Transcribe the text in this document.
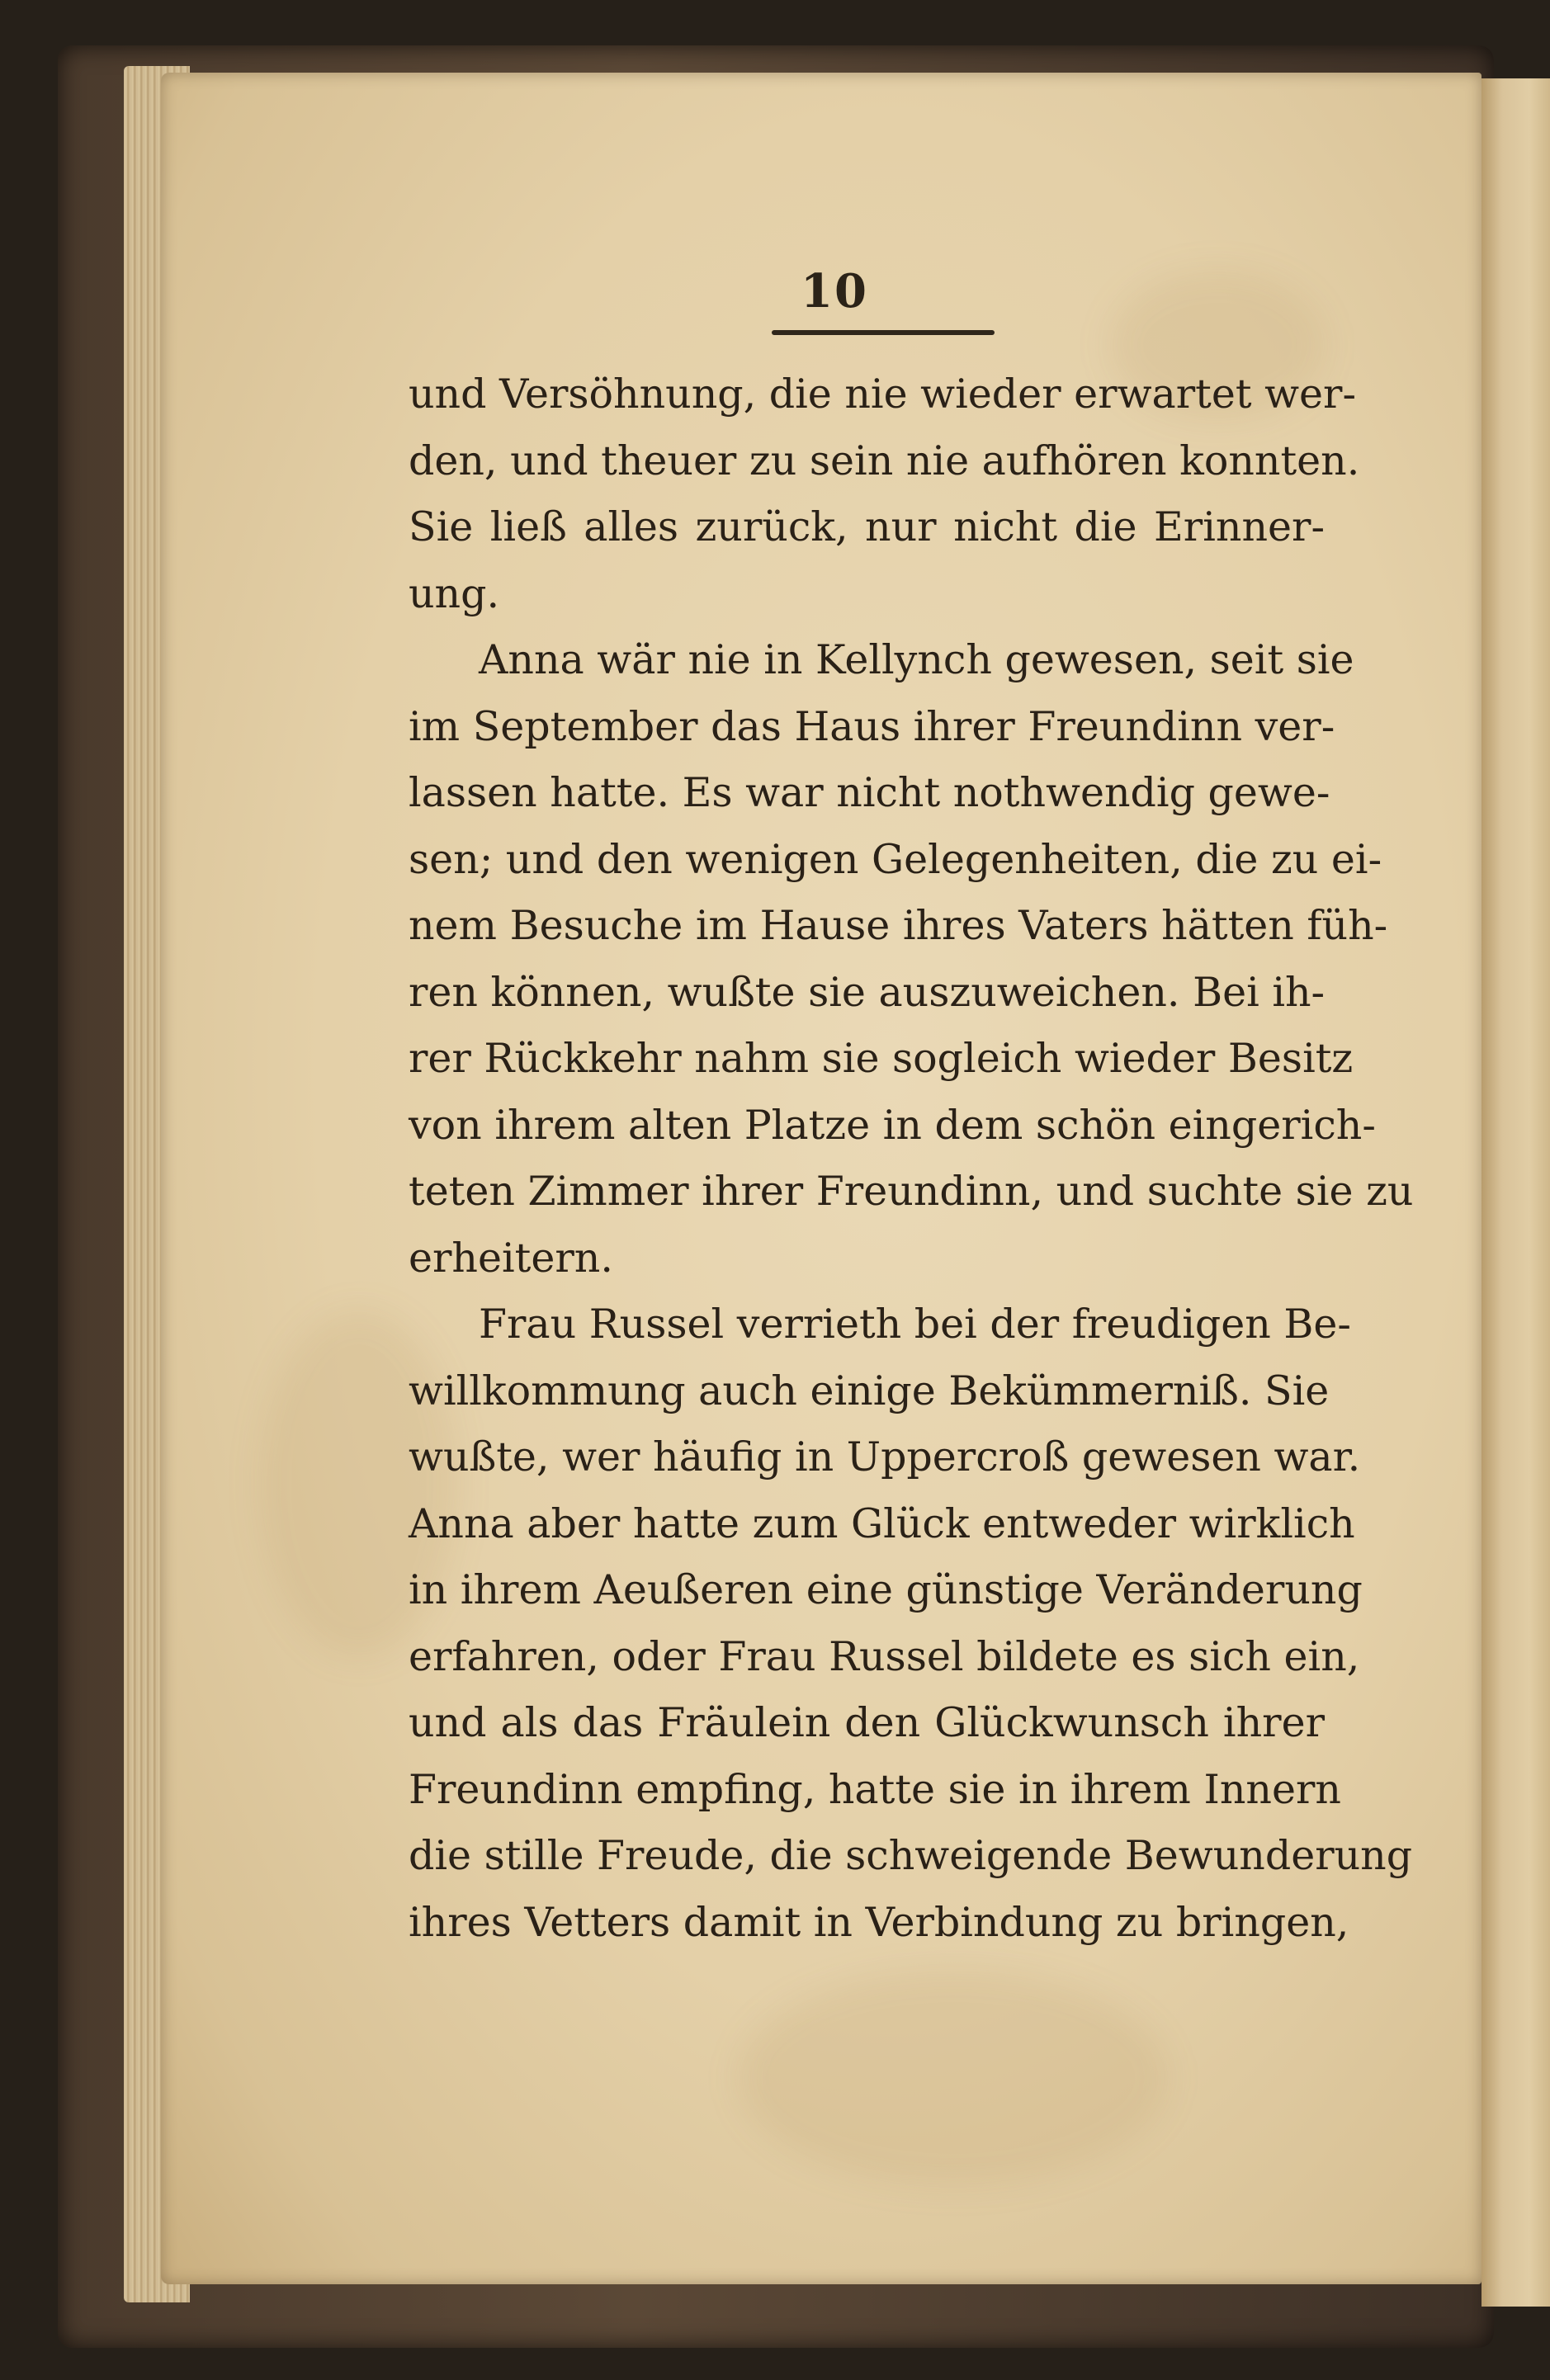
10
und Versöhnung, die nie wieder erwartet wer-
den, und theuer zu sein nie aufhören konnten.
Sie ließ alles zurück, nur nicht die Erinner-
ung.
Anna wär nie in Kellynch gewesen, seit sie
im September das Haus ihrer Freundinn ver-
lassen hatte. Es war nicht nothwendig gewe-
sen; und den wenigen Gelegenheiten, die zu ei-
nem Besuche im Hause ihres Vaters hätten füh-
ren können, wußte sie auszuweichen. Bei ih-
rer Rückkehr nahm sie sogleich wieder Besitz
von ihrem alten Platze in dem schön eingerich-
teten Zimmer ihrer Freundinn, und suchte sie zu
erheitern.
Frau Russel verrieth bei der freudigen Be-
willkommung auch einige Bekümmerniß. Sie
wußte, wer häufig in Uppercroß gewesen war.
Anna aber hatte zum Glück entweder wirklich
in ihrem Aeußeren eine günstige Veränderung
erfahren, oder Frau Russel bildete es sich ein,
und als das Fräulein den Glückwunsch ihrer
Freundinn empfing, hatte sie in ihrem Innern
die stille Freude, die schweigende Bewunderung
ihres Vetters damit in Verbindung zu bringen,
